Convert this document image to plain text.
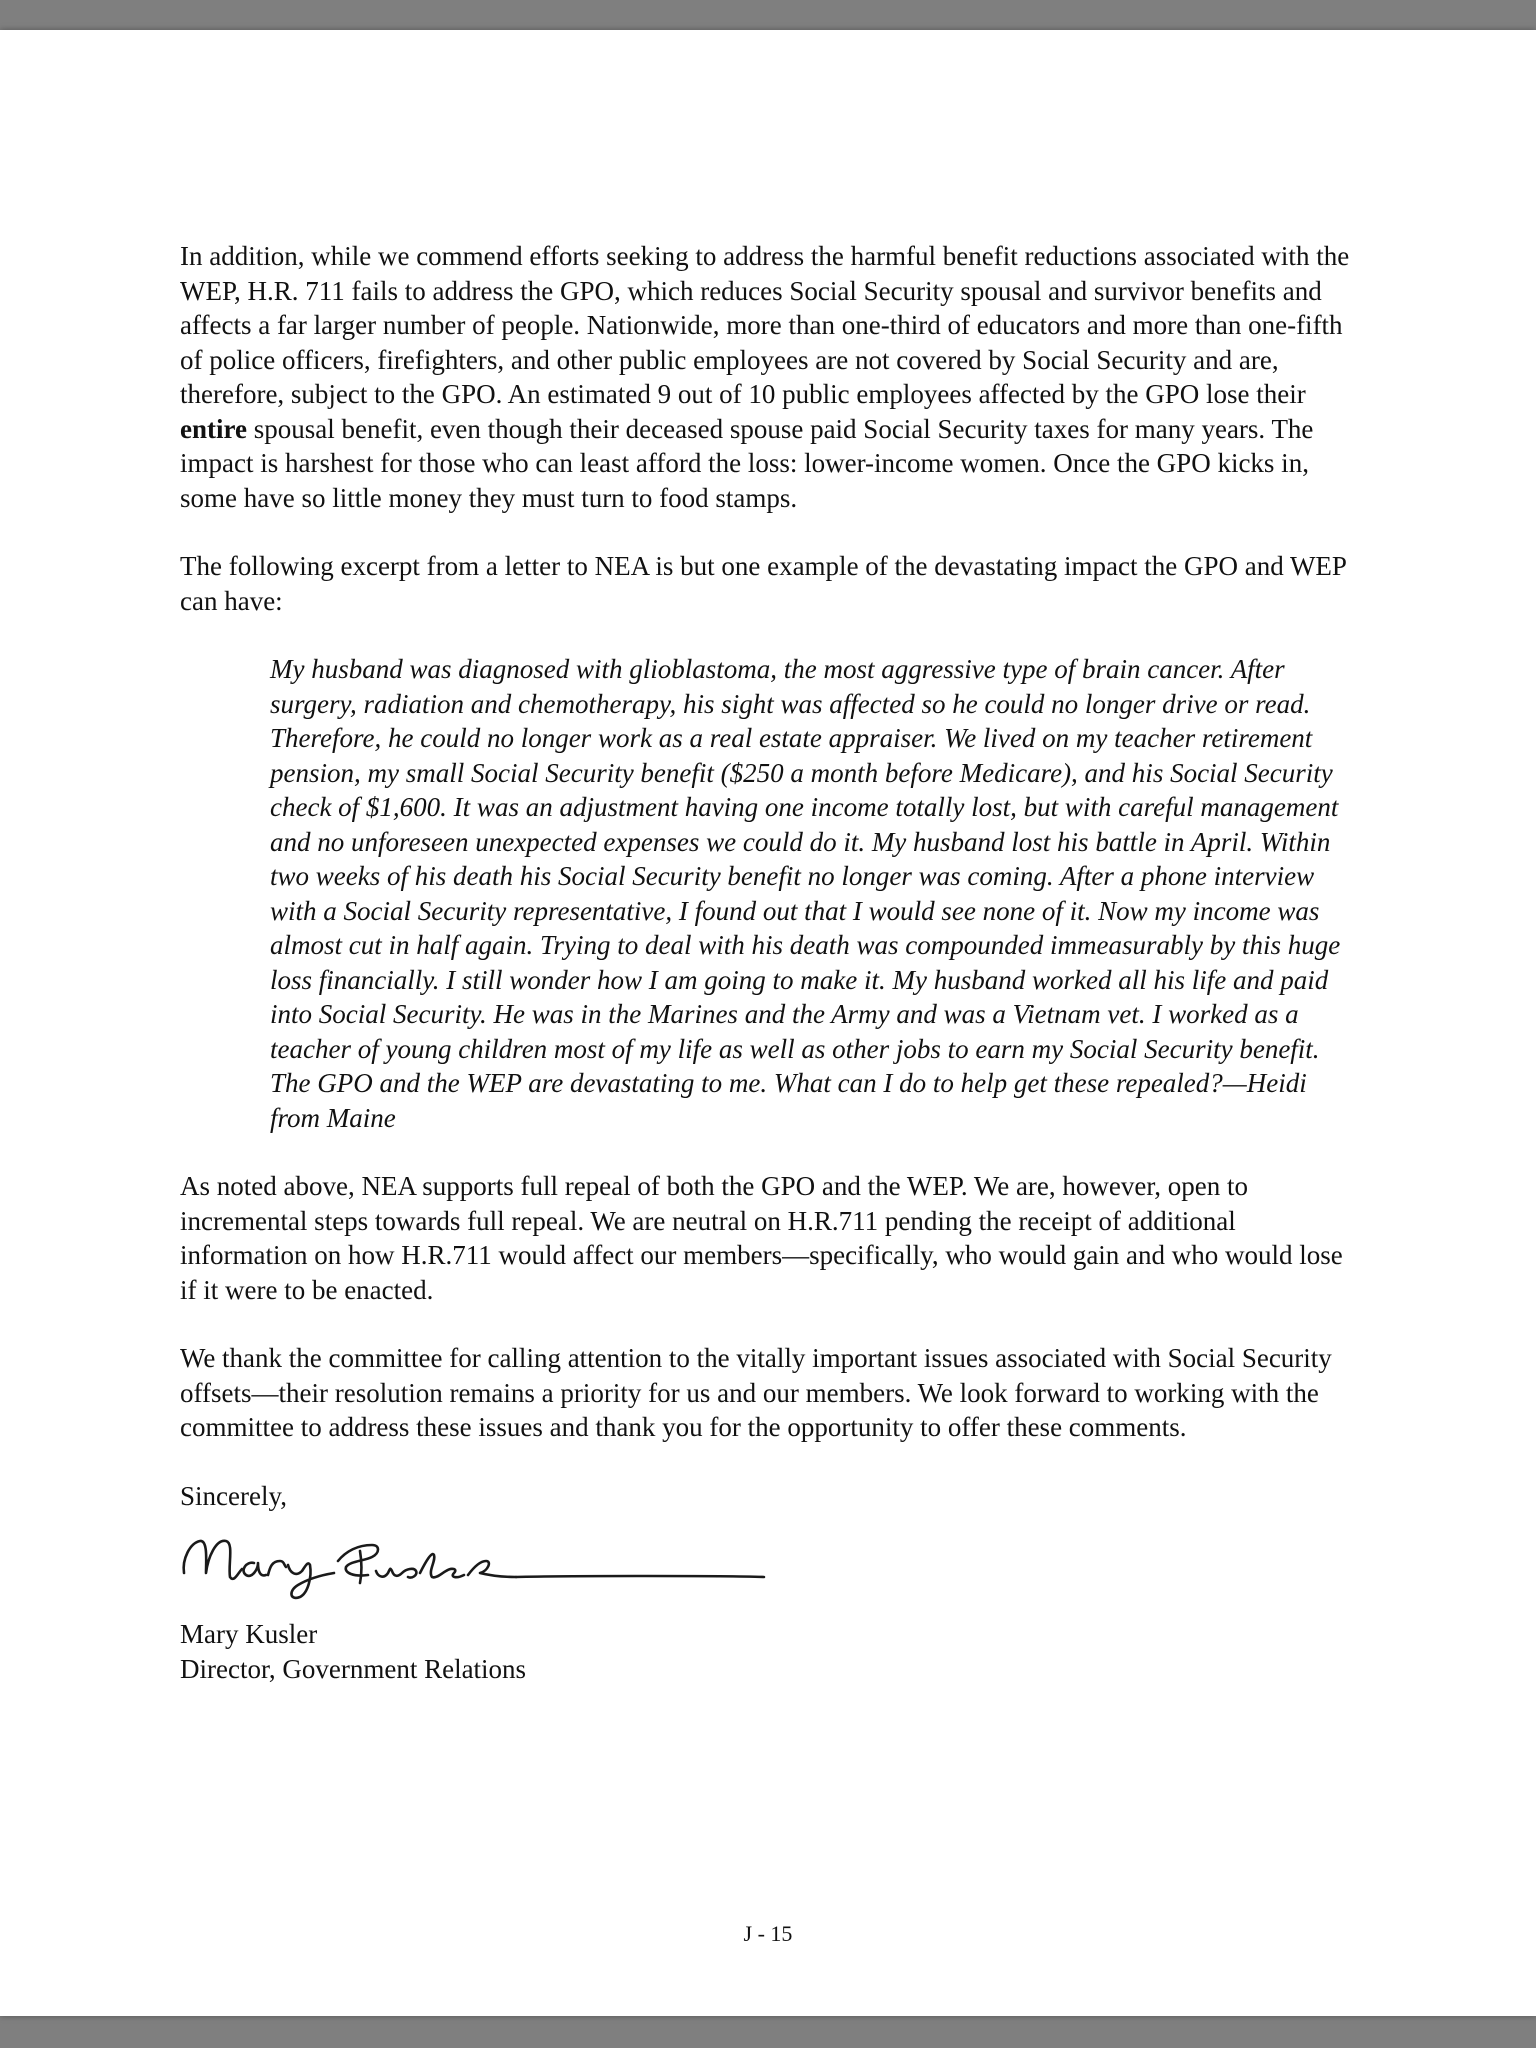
In addition, while we commend efforts seeking to address the harmful benefit reductions associated with the WEP, H.R. 711 fails to address the GPO, which reduces Social Security spousal and survivor benefits and affects a far larger number of people. Nationwide, more than one-third of educators and more than one-fifth of police officers, firefighters, and other public employees are not covered by Social Security and are, therefore, subject to the GPO. An estimated 9 out of 10 public employees affected by the GPO lose their entire spousal benefit, even though their deceased spouse paid Social Security taxes for many years. The impact is harshest for those who can least afford the loss: lower-income women. Once the GPO kicks in, some have so little money they must turn to food stamps.

The following excerpt from a letter to NEA is but one example of the devastating impact the GPO and WEP can have:

My husband was diagnosed with glioblastoma, the most aggressive type of brain cancer. After surgery, radiation and chemotherapy, his sight was affected so he could no longer drive or read. Therefore, he could no longer work as a real estate appraiser. We lived on my teacher retirement pension, my small Social Security benefit ($250 a month before Medicare), and his Social Security check of $1,600. It was an adjustment having one income totally lost, but with careful management and no unforeseen unexpected expenses we could do it. My husband lost his battle in April. Within two weeks of his death his Social Security benefit no longer was coming. After a phone interview with a Social Security representative, I found out that I would see none of it. Now my income was almost cut in half again. Trying to deal with his death was compounded immeasurably by this huge loss financially. I still wonder how I am going to make it. My husband worked all his life and paid into Social Security. He was in the Marines and the Army and was a Vietnam vet. I worked as a teacher of young children most of my life as well as other jobs to earn my Social Security benefit. The GPO and the WEP are devastating to me. What can I do to help get these repealed?—Heidi from Maine

As noted above, NEA supports full repeal of both the GPO and the WEP. We are, however, open to incremental steps towards full repeal. We are neutral on H.R.711 pending the receipt of additional information on how H.R.711 would affect our members—specifically, who would gain and who would lose if it were to be enacted.

We thank the committee for calling attention to the vitally important issues associated with Social Security offsets—their resolution remains a priority for us and our members. We look forward to working with the committee to address these issues and thank you for the opportunity to offer these comments.

Sincerely,

Mary Kusler

Director, Government Relations

J - 15
